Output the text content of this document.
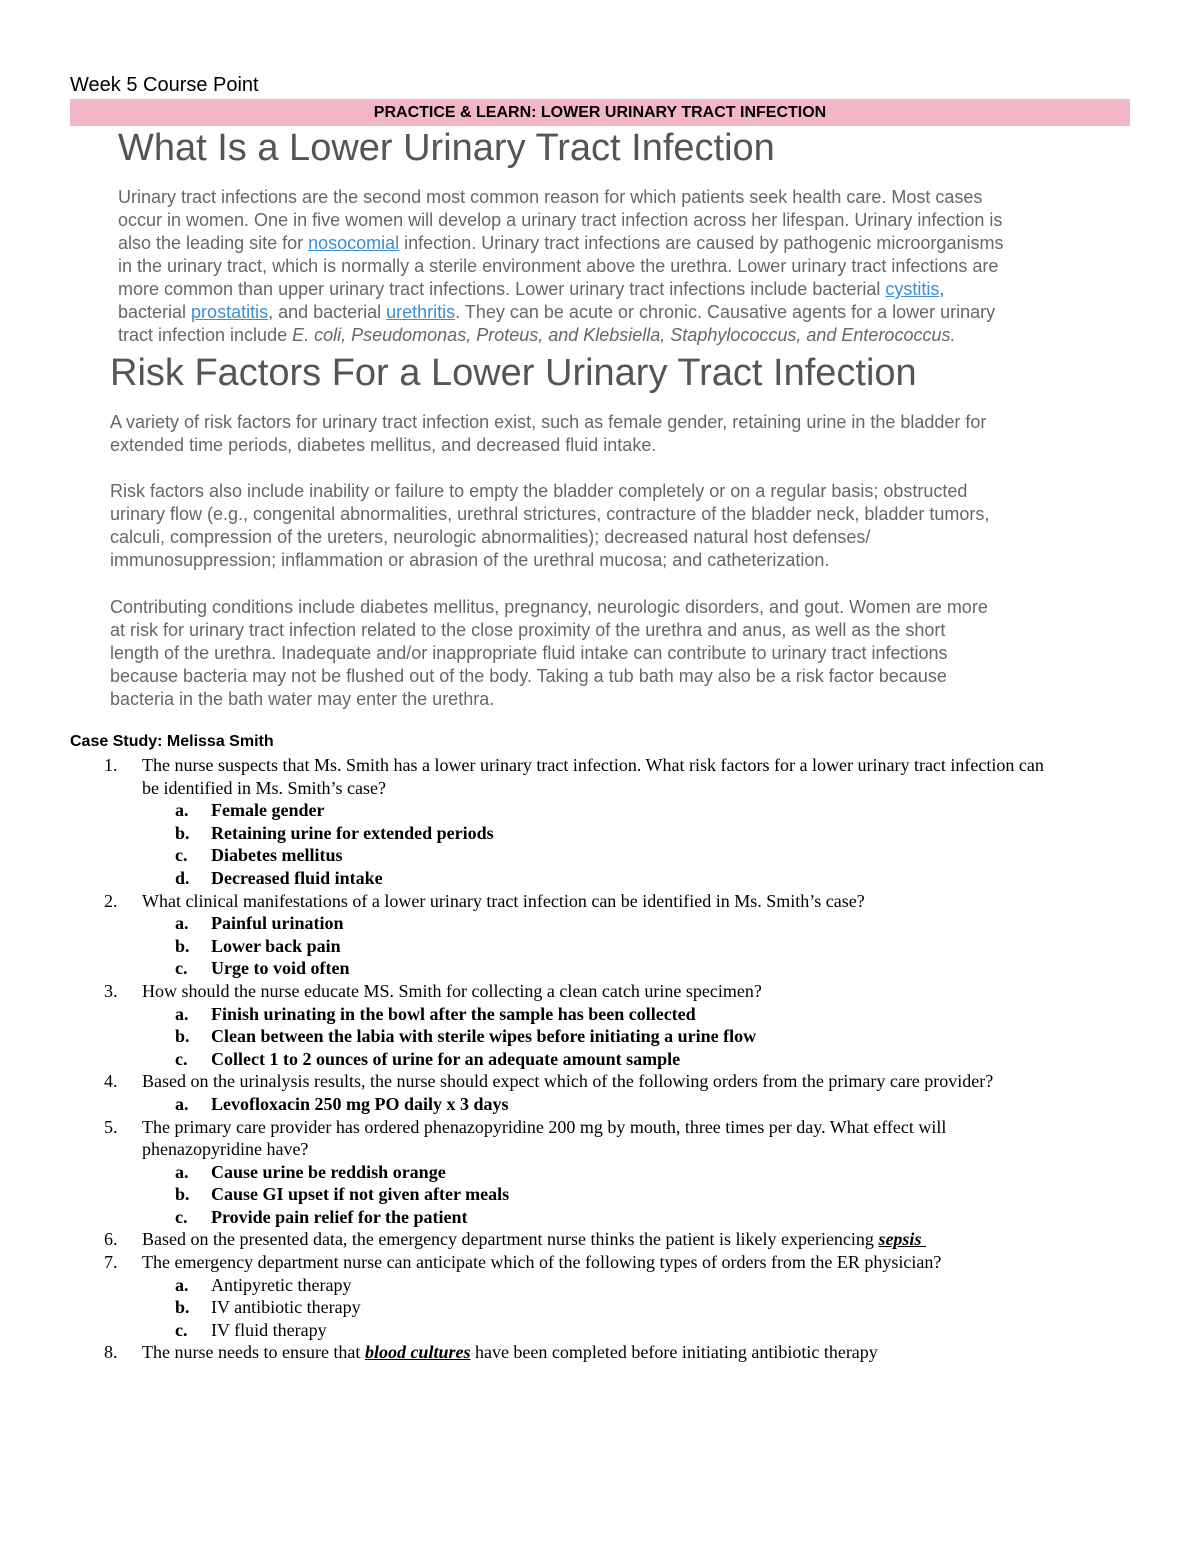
Week 5 Course Point
PRACTICE & LEARN: LOWER URINARY TRACT INFECTION
What Is a Lower Urinary Tract Infection
Urinary tract infections are the second most common reason for which patients seek health care. Most cases
occur in women. One in five women will develop a urinary tract infection across her lifespan. Urinary infection is
also the leading site for nosocomial infection. Urinary tract infections are caused by pathogenic microorganisms
in the urinary tract, which is normally a sterile environment above the urethra. Lower urinary tract infections are
more common than upper urinary tract infections. Lower urinary tract infections include bacterial cystitis,
bacterial prostatitis, and bacterial urethritis. They can be acute or chronic. Causative agents for a lower urinary
tract infection include E. coli, Pseudomonas, Proteus, and Klebsiella, Staphylococcus, and Enterococcus.
Risk Factors For a Lower Urinary Tract Infection
A variety of risk factors for urinary tract infection exist, such as female gender, retaining urine in the bladder for
extended time periods, diabetes mellitus, and decreased fluid intake.
Risk factors also include inability or failure to empty the bladder completely or on a regular basis; obstructed
urinary flow (e.g., congenital abnormalities, urethral strictures, contracture of the bladder neck, bladder tumors,
calculi, compression of the ureters, neurologic abnormalities); decreased natural host defenses/
immunosuppression; inflammation or abrasion of the urethral mucosa; and catheterization.
Contributing conditions include diabetes mellitus, pregnancy, neurologic disorders, and gout. Women are more
at risk for urinary tract infection related to the close proximity of the urethra and anus, as well as the short
length of the urethra. Inadequate and/or inappropriate fluid intake can contribute to urinary tract infections
because bacteria may not be flushed out of the body. Taking a tub bath may also be a risk factor because
bacteria in the bath water may enter the urethra.
Case Study: Melissa Smith
1. The nurse suspects that Ms. Smith has a lower urinary tract infection. What risk factors for a lower urinary tract infection can
be identified in Ms. Smith’s case?
a. Female gender
b. Retaining urine for extended periods
c. Diabetes mellitus
d. Decreased fluid intake
2. What clinical manifestations of a lower urinary tract infection can be identified in Ms. Smith’s case?
a. Painful urination
b. Lower back pain
c. Urge to void often
3. How should the nurse educate MS. Smith for collecting a clean catch urine specimen?
a. Finish urinating in the bowl after the sample has been collected
b. Clean between the labia with sterile wipes before initiating a urine flow
c. Collect 1 to 2 ounces of urine for an adequate amount sample
4. Based on the urinalysis results, the nurse should expect which of the following orders from the primary care provider?
a. Levofloxacin 250 mg PO daily x 3 days
5. The primary care provider has ordered phenazopyridine 200 mg by mouth, three times per day. What effect will
phenazopyridine have?
a. Cause urine be reddish orange
b. Cause GI upset if not given after meals
c. Provide pain relief for the patient
6. Based on the presented data, the emergency department nurse thinks the patient is likely experiencing sepsis
7. The emergency department nurse can anticipate which of the following types of orders from the ER physician?
a. Antipyretic therapy
b. IV antibiotic therapy
c. IV fluid therapy
8. The nurse needs to ensure that blood cultures have been completed before initiating antibiotic therapy
